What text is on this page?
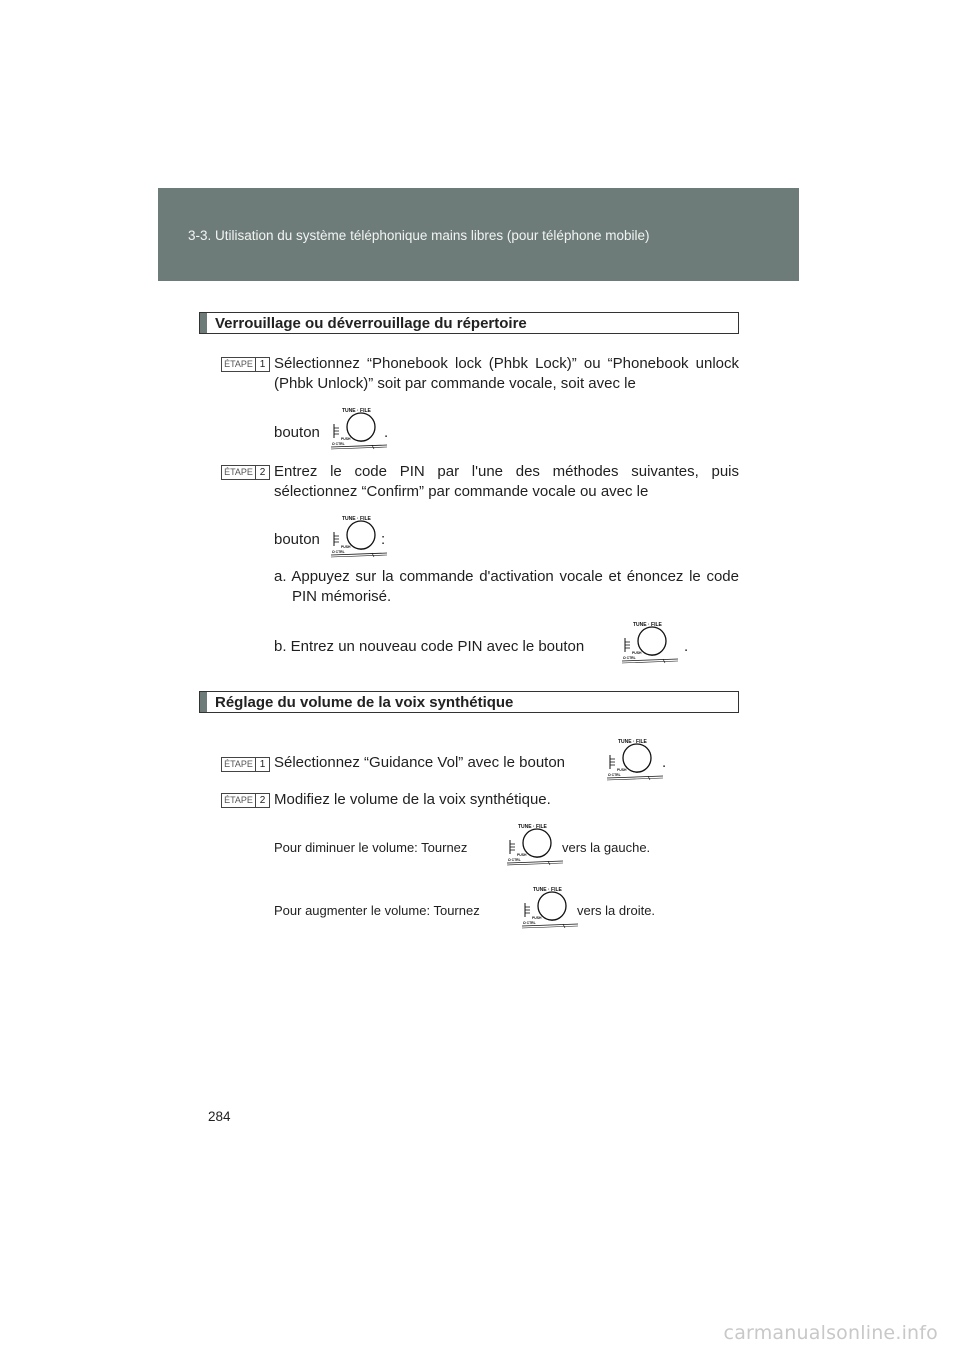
3-3. Utilisation du système téléphonique mains libres (pour téléphone mobile)
Verrouillage ou déverrouillage du répertoire
ÉTAPE 1 Sélectionnez “Phonebook lock (Phbk Lock)” ou “Phonebook unlock (Phbk Unlock)” soit par commande vocale, soit avec le
bouton
TUNE · FILE
PUSH
Ω CTRL
.
ÉTAPE 2 Entrez le code PIN par l'une des méthodes suivantes, puis sélectionnez “Confirm” par commande vocale ou avec le
bouton
TUNE · FILE
PUSH
Ω CTRL
:
a. Appuyez sur la commande d'activation vocale et énoncez le code PIN mémorisé.
b. Entrez un nouveau code PIN avec le bouton
TUNE · FILE
PUSH
Ω CTRL
.
Réglage du volume de la voix synthétique
ÉTAPE 1 Sélectionnez “Guidance Vol” avec le bouton
TUNE · FILE
PUSH
Ω CTRL
.
ÉTAPE 2 Modifiez le volume de la voix synthétique.
Pour diminuer le volume: Tournez
TUNE · FILE
PUSH
Ω CTRL
vers la gauche.
Pour augmenter le volume: Tournez
TUNE · FILE
PUSH
Ω CTRL
vers la droite.
284
carmanualsonline.info
